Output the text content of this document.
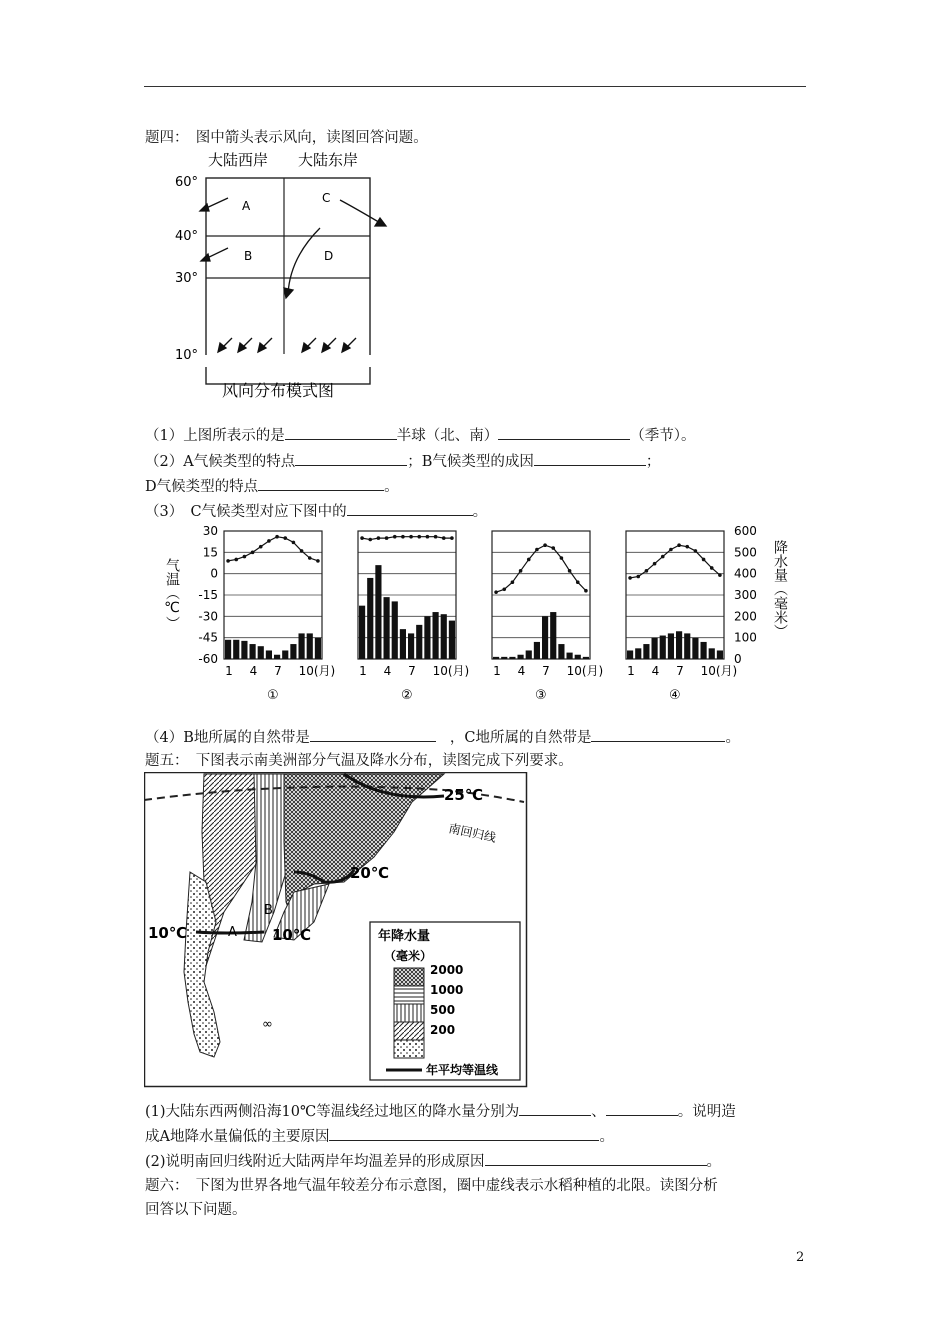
题四：　图中箭头表示风向，读图回答问题。
大陆西岸 大陆东岸
60°
40°
30°
10°
A
B
C
D
风向分布模式图
（1）上图所表示的是	半球（北、南）	（季节）。
（2）A气候类型的特点	；B气候类型的成因	；
D气候类型的特点	。
（3）　C气候类型对应下图中的	。
气温（℃）	降水量（毫米）
30
15
0
-15
-30
-45
-60
600
500
400
300
200
100
0
1 4 7 10(月)
①
1 4 7 10(月)
②
1 4 7 10(月)
③
1 4 7 10(月)
④
（4）B地所属的自然带是	，C地所属的自然带是	。
题五：　下图表示南美洲部分气温及降水分布，读图完成下列要求。
25℃
南回归线
20℃
10℃	10℃
A
B
∞
年降水量
（毫米）
2000
1000
500
200
年平均等温线
(1)大陆东西两侧沿海10℃等温线经过地区的降水量分别为	、	。说明造
成A地降水量偏低的主要原因	。
(2)说明南回归线附近大陆两岸年均温差异的形成原因	。
题六：　下图为世界各地气温年较差分布示意图，圈中虚线表示水稻种植的北限。读图分析
回答以下问题。
2
